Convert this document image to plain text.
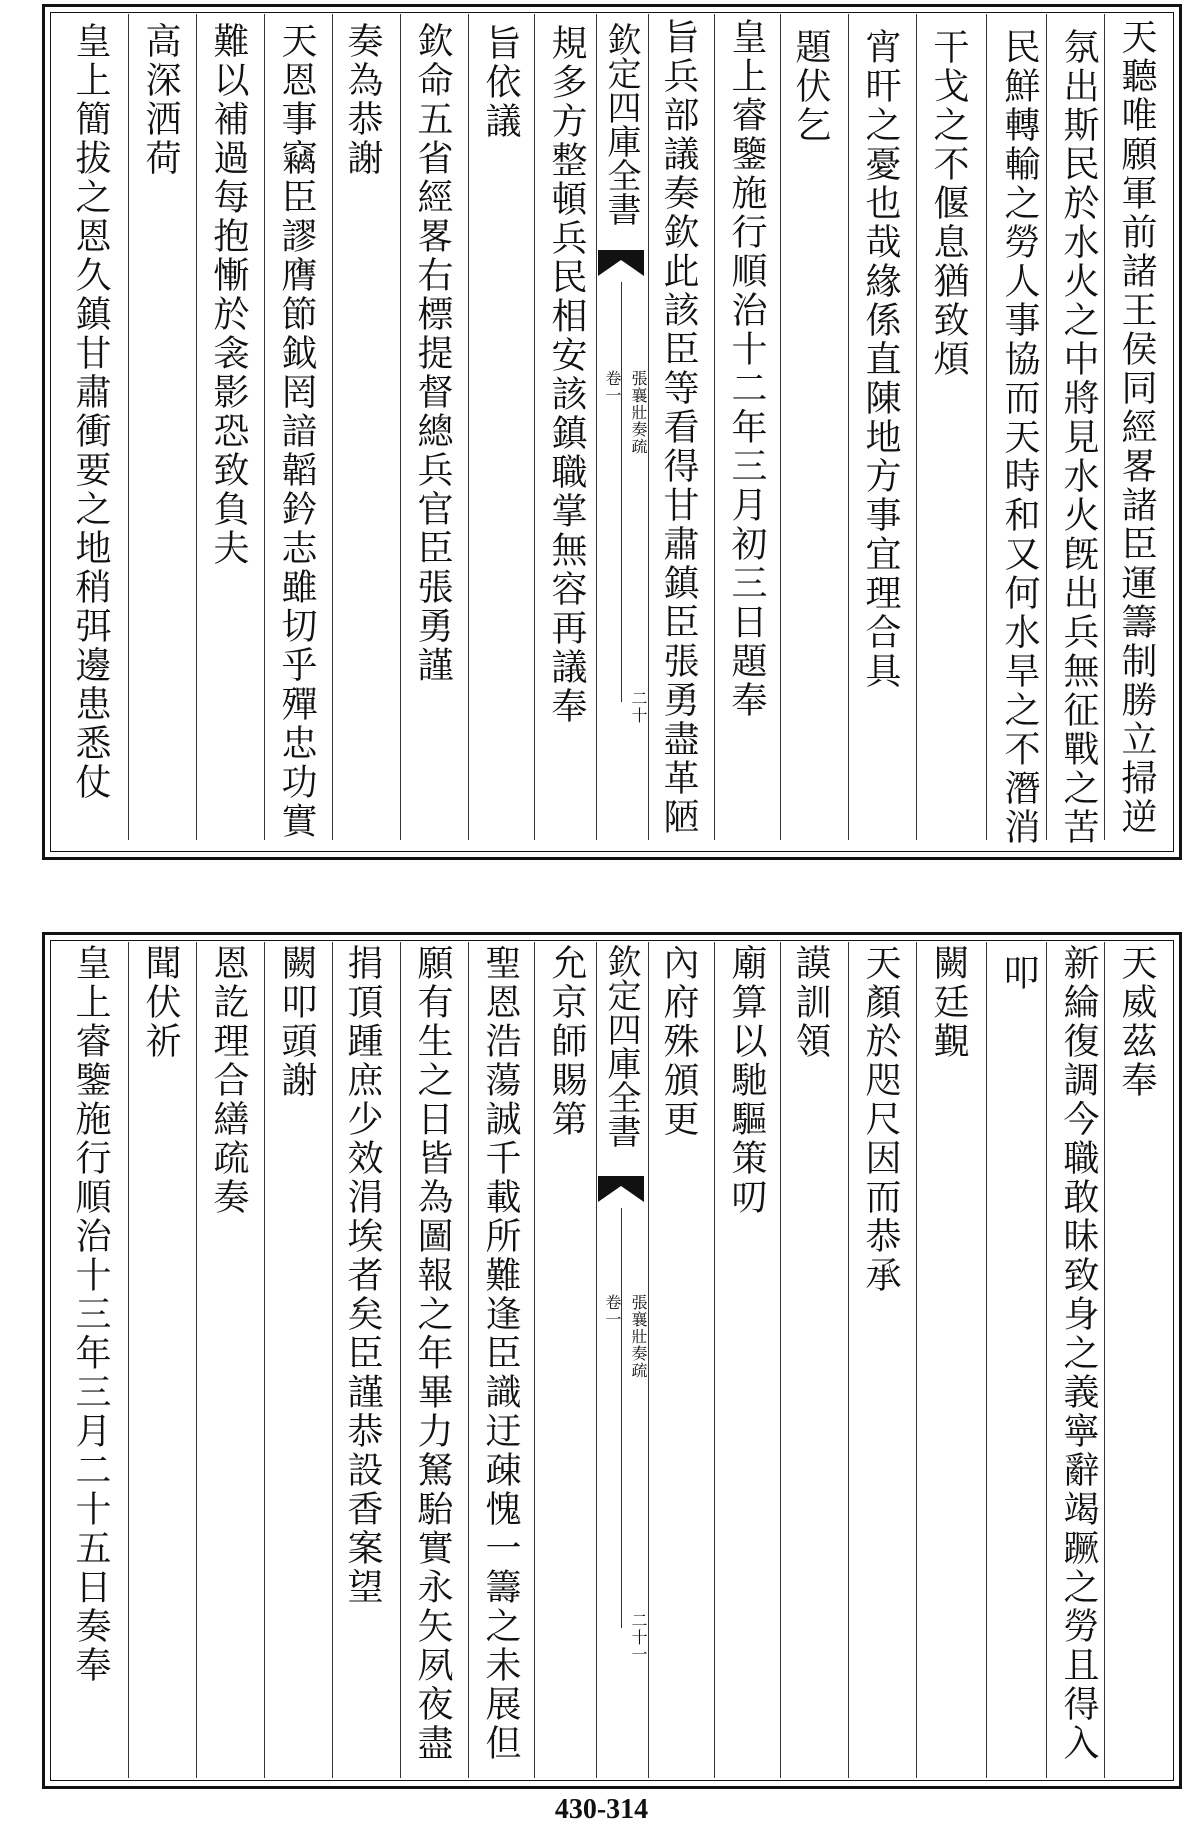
天聽唯願軍前諸王侯同經畧諸臣運籌制勝立掃逆
氛出斯民於水火之中將見水火旣出兵無征戰之苦
民鮮轉輸之勞人事協而天時和又何水旱之不潛消
干戈之不偃息猶致煩
宵旰之憂也哉緣係直陳地方事宜理合具
題伏乞
皇上睿鑒施行順治十二年三月初三日題奉
旨兵部議奏欽此該臣等看得甘肅鎮臣張勇盡革陋
欽定四庫全書
張襄壯奏疏
卷一
二十
規多方整頓兵民相安該鎮職掌無容再議奉
旨依議
欽命五省經畧右標提督總兵官臣張勇謹
奏為恭謝
天恩事竊臣謬膺節鉞罔諳韜鈐志雖切乎殫忠功實
難以補過每抱慚於衾影恐致負夫
高深洒荷
皇上簡拔之恩久鎮甘肅衝要之地稍弭邊患悉仗
天威茲奉
新綸復調今職敢昧致身之義寧辭竭蹶之勞且得入
叩
闕廷覲
天顏於咫尺因而恭承
謨訓領
廟算以馳驅策叨
內府殊頒更
欽定四庫全書
張襄壯奏疏
卷一
二十一
允京師賜第
聖恩浩蕩誠千載所難逢臣識迂疎愧一籌之未展但
願有生之日皆為圖報之年畢力駑駘實永矢夙夜盡
捐頂踵庶少效涓埃者矣臣謹恭設香案望
闕叩頭謝
恩訖理合繕疏奏
聞伏祈
皇上睿鑒施行順治十三年三月二十五日奏奉
430-314
